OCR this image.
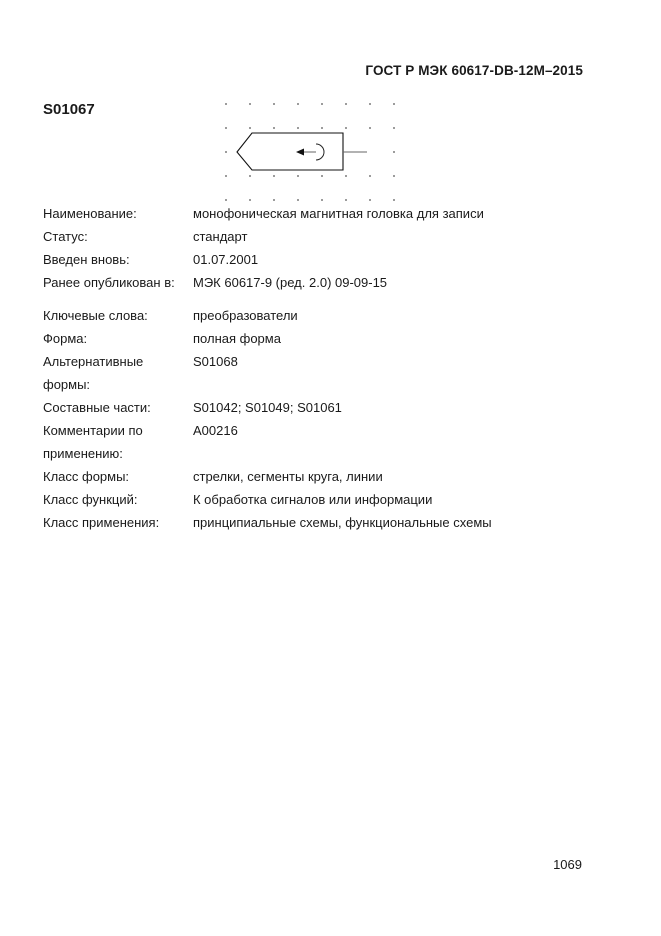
ГОСТ Р МЭК 60617-DB-12M–2015
S01067
Наименование:	монофоническая магнитная головка для записи
Статус:	стандарт
Введен вновь:	01.07.2001
Ранее опубликован в:	МЭК 60617-9 (ред. 2.0) 09-09-15
Ключевые слова:	преобразователи
Форма:	полная форма
Альтернативные формы:
S01068
Составные части:	S01042; S01049; S01061
Комментарии по применению:
A00216
Класс формы:	стрелки, сегменты круга, линии
Класс функций:	К обработка сигналов или информации
Класс применения:	принципиальные схемы, функциональные схемы
1069
